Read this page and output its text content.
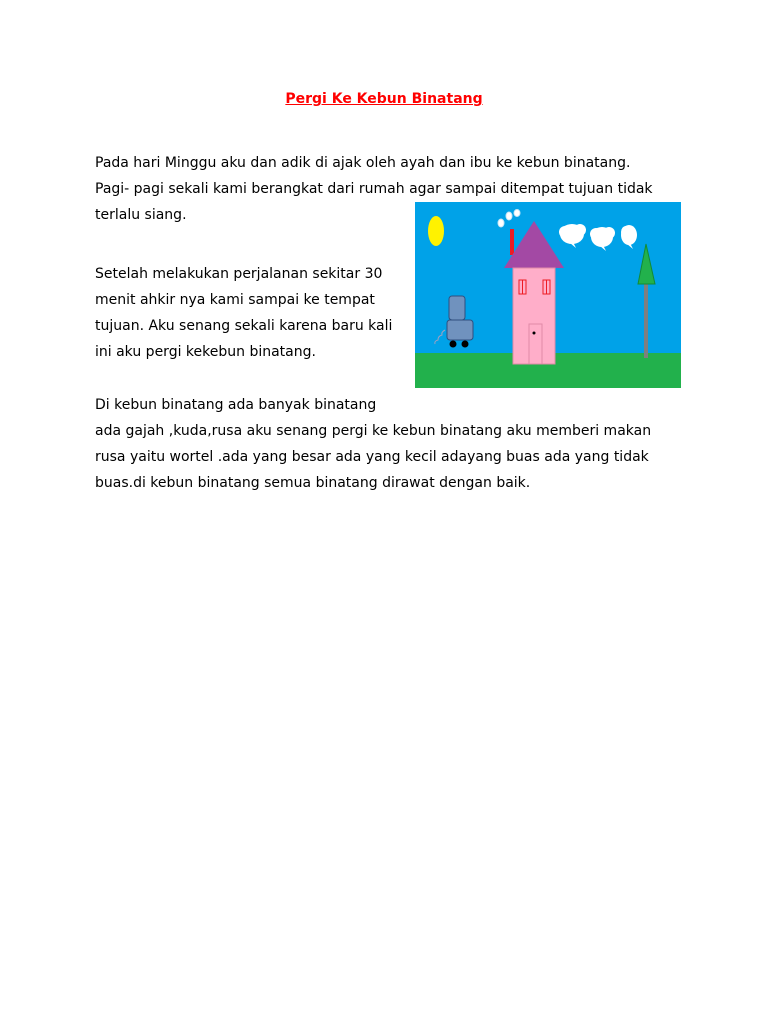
Pergi Ke Kebun Binatang

Pada hari Minggu aku dan adik di ajak oleh ayah dan ibu ke kebun binatang.
Pagi- pagi sekali kami berangkat dari rumah agar sampai ditempat tujuan tidak
terlalu siang.

Setelah melakukan perjalanan sekitar 30
menit ahkir nya kami sampai ke tempat
tujuan. Aku senang sekali karena baru kali
ini aku pergi kekebun binatang.

Di kebun binatang ada banyak binatang
ada gajah ,kuda,rusa aku senang pergi ke kebun binatang aku memberi makan
rusa yaitu wortel .ada yang besar ada yang kecil adayang buas ada yang tidak
buas.di kebun binatang semua binatang dirawat dengan baik.
